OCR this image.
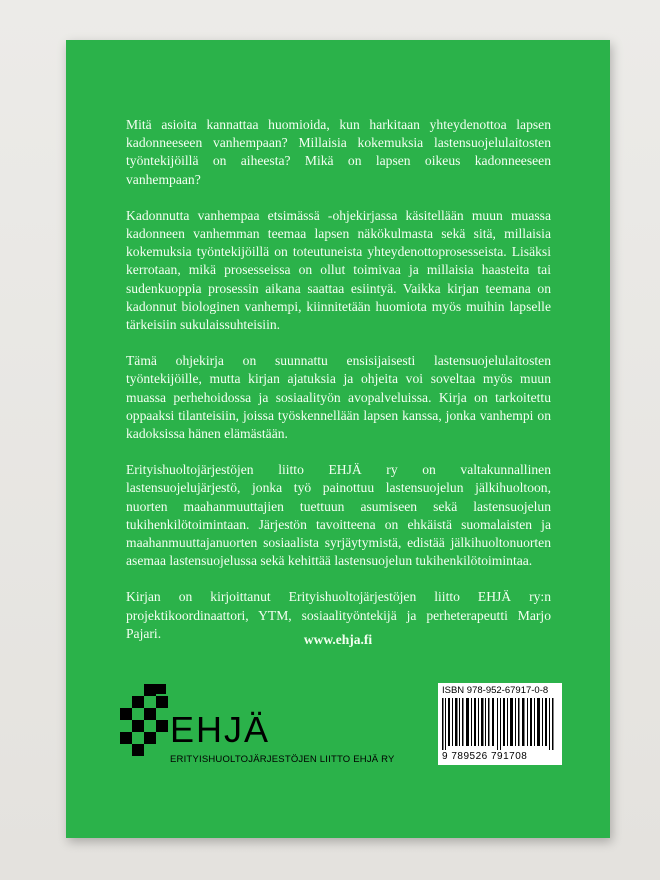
Mitä asioita kannattaa huomioida, kun harkitaan yhteydenottoa lapsen kadonneeseen vanhempaan? Millaisia kokemuksia lastensuojelulaitosten työntekijöillä on aiheesta? Mikä on lapsen oikeus kadonneeseen vanhempaan?

Kadonnutta vanhempaa etsimässä -ohjekirjassa käsitellään muun muassa kadonneen vanhemman teemaa lapsen näkökulmasta sekä sitä, millaisia kokemuksia työntekijöillä on toteutuneista yhteydenottoprosesseista. Lisäksi kerrotaan, mikä prosesseissa on ollut toimivaa ja millaisia haasteita tai sudenkuoppia prosessin aikana saattaa esiintyä. Vaikka kirjan teemana on kadonnut biologinen vanhempi, kiinnitetään huomiota myös muihin lapselle tärkeisiin sukulaissuhteisiin.

Tämä ohjekirja on suunnattu ensisijaisesti lastensuojelulaitosten työntekijöille, mutta kirjan ajatuksia ja ohjeita voi soveltaa myös muun muassa perhehoidossa ja sosiaalityön avopalveluissa. Kirja on tarkoitettu oppaaksi tilanteisiin, joissa työskennellään lapsen kanssa, jonka vanhempi on kadoksissa hänen elämästään.

Erityishuoltojärjestöjen liitto EHJÄ ry on valtakunnallinen lastensuojelujärjestö, jonka työ painottuu lastensuojelun jälkihuoltoon, nuorten maahanmuuttajien tuettuun asumiseen sekä lastensuojelun tukihenkilötoimintaan. Järjestön tavoitteena on ehkäistä suomalaisten ja maahanmuuttajanuorten sosiaalista syrjäytymistä, edistää jälkihuoltonuorten asemaa lastensuojelussa sekä kehittää lastensuojelun tukihenkilötoimintaa.

Kirjan on kirjoittanut Erityishuoltojärjestöjen liitto EHJÄ ry:n projektikoordinaattori, YTM, sosiaalityöntekijä ja perheterapeutti Marjo Pajari.	www.ehja.fi
EHJÄ
ERITYISHUOLTOJÄRJESTÖJEN LIITTO EHJÄ RY
ISBN 978-952-67917-0-8
9 789526 791708
